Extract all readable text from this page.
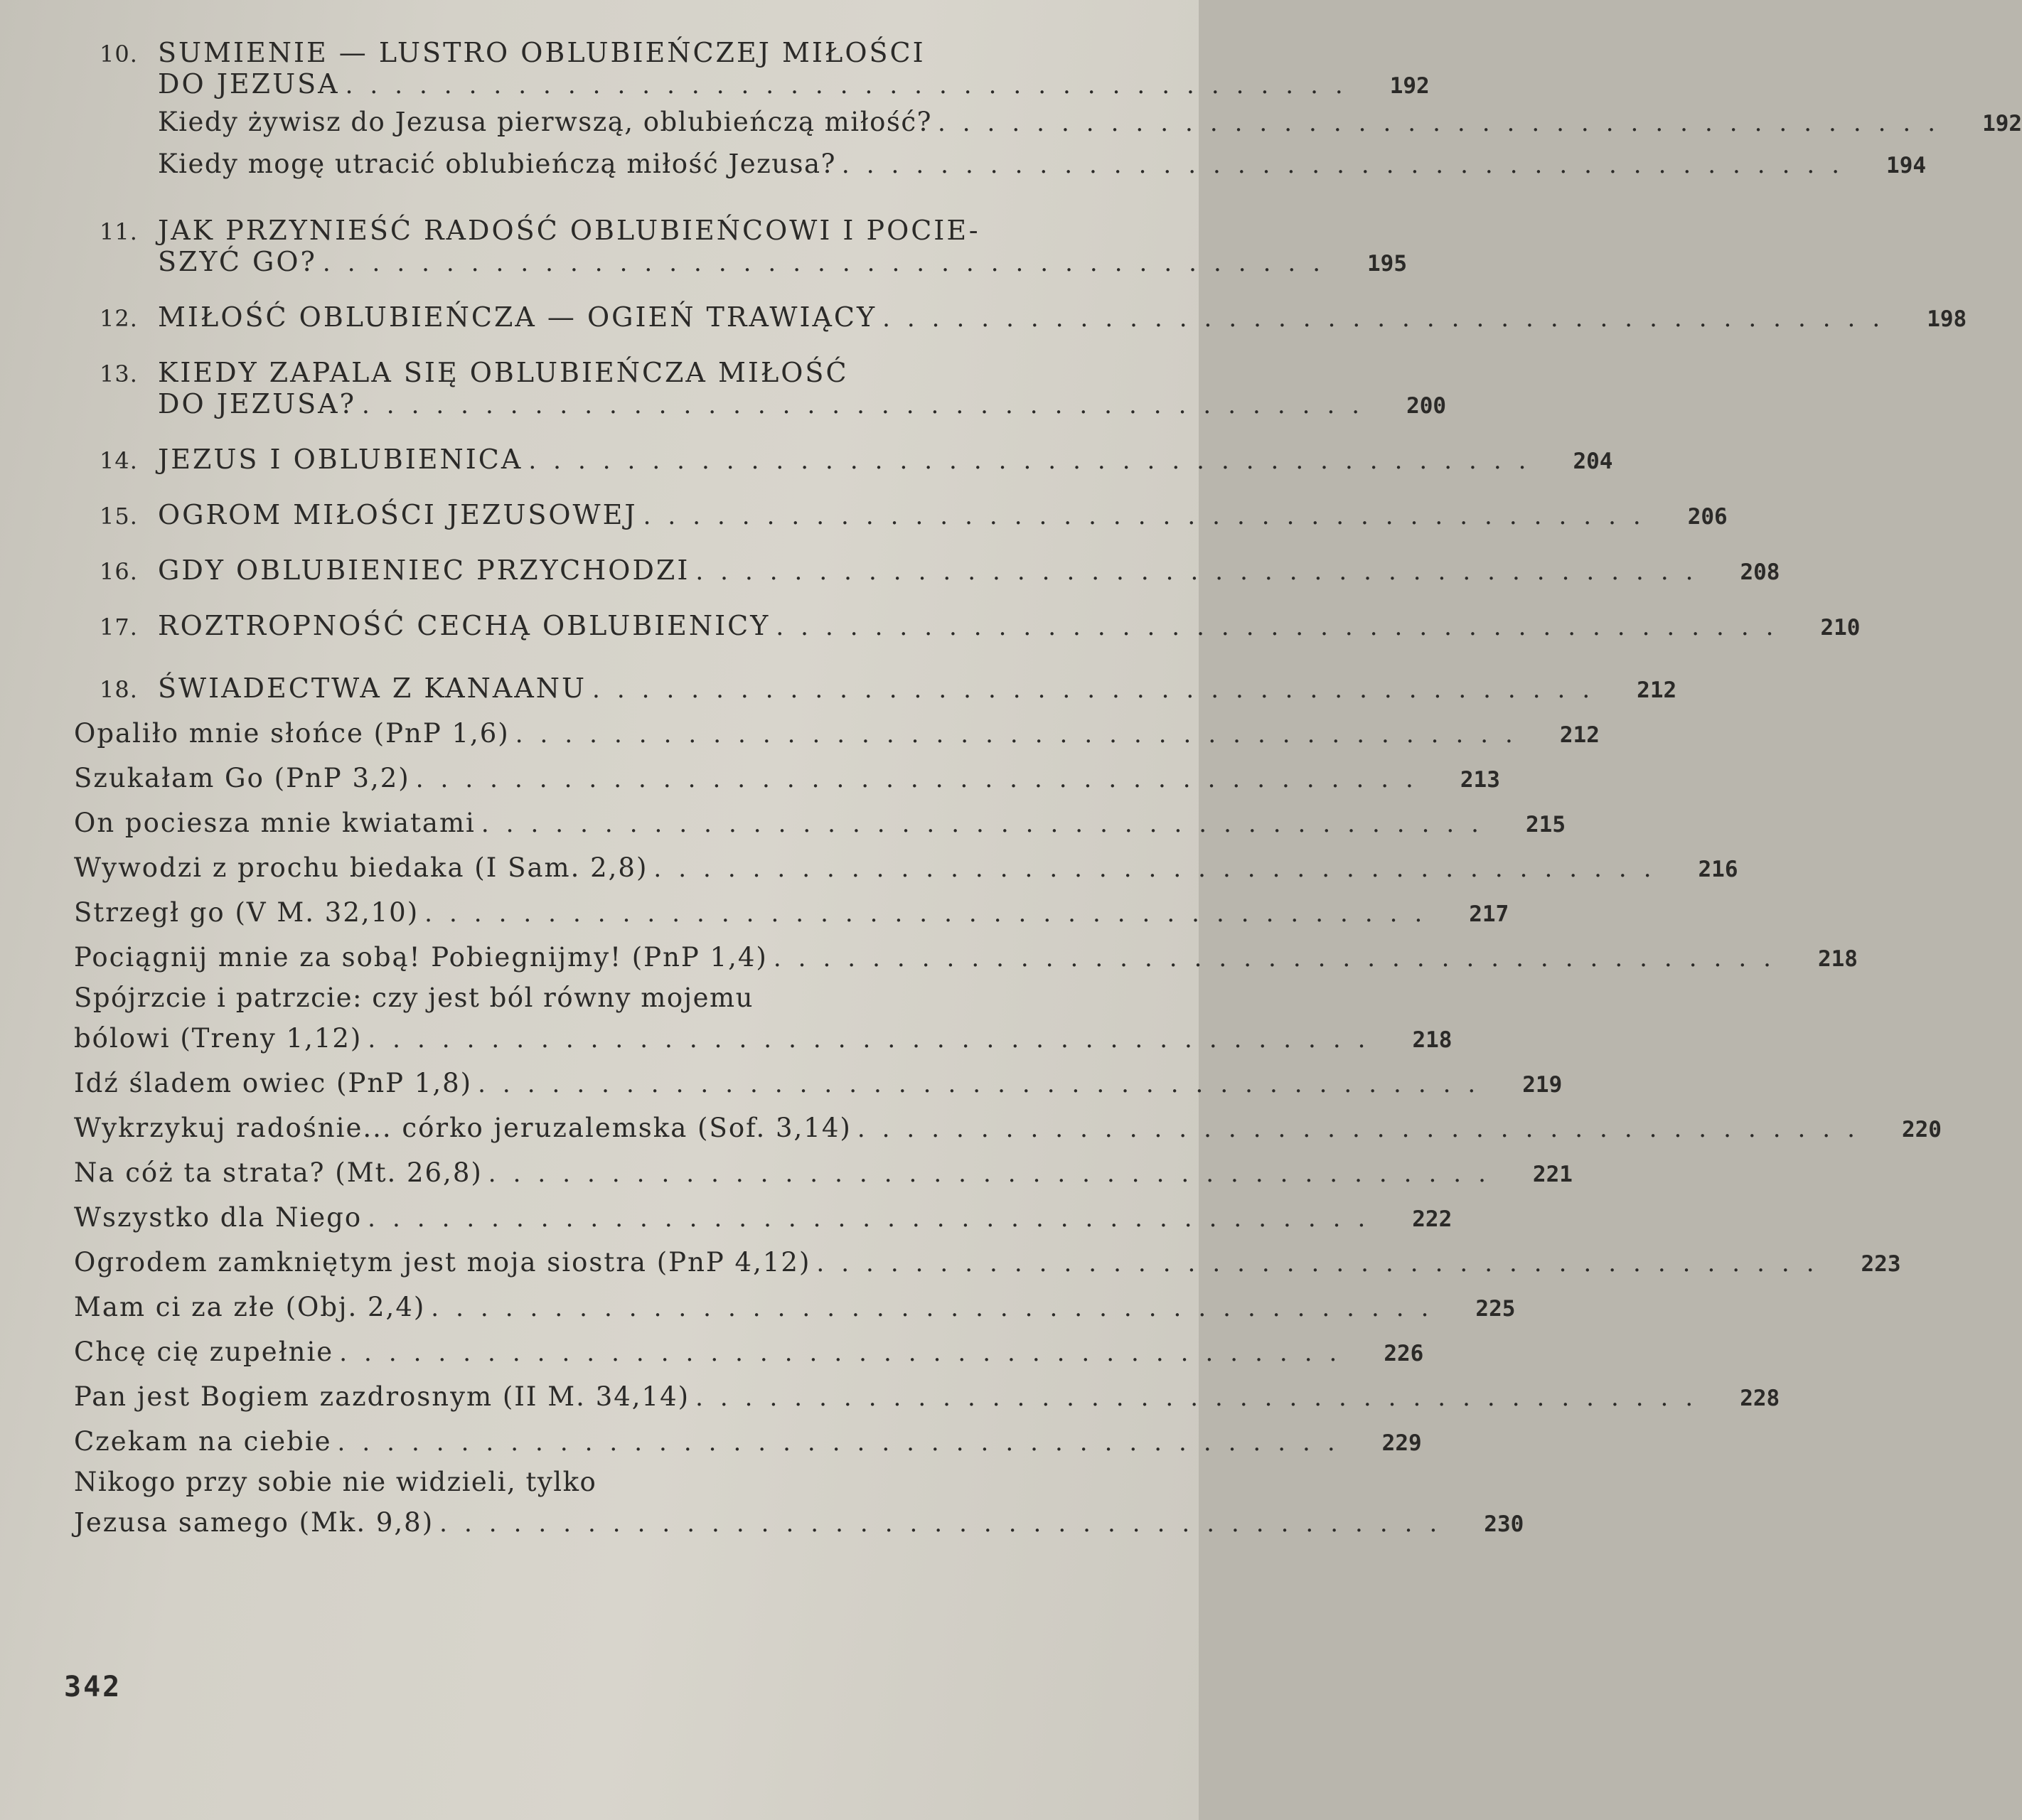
10. SUMIENIE — LUSTRO OBLUBIEŃCZEJ MIŁOŚCI
DO JEZUSA .........................................	192
Kiedy żywisz do Jezusa pierwszą, oblubieńczą miłość? .........................................	192
Kiedy mogę utracić oblubieńczą miłość Jezusa? .........................................	194
11. JAK PRZYNIEŚĆ RADOŚĆ OBLUBIEŃCOWI I POCIE-
SZYĆ GO? .........................................	195
12. MIŁOŚĆ OBLUBIEŃCZA — OGIEŃ TRAWIĄCY .........................................	198
13. KIEDY ZAPALA SIĘ OBLUBIEŃCZA MIŁOŚĆ
DO JEZUSA? .........................................	200
14. JEZUS I OBLUBIENICA .........................................	204
15. OGROM MIŁOŚCI JEZUSOWEJ .........................................	206
16. GDY OBLUBIENIEC PRZYCHODZI .........................................	208
17. ROZTROPNOŚĆ CECHĄ OBLUBIENICY .........................................	210
18. ŚWIADECTWA Z KANAANU .........................................	212
Opaliło mnie słońce (PnP 1,6) .........................................	212
Szukałam Go (PnP 3,2) .........................................	213
On pociesza mnie kwiatami .........................................	215
Wywodzi z prochu biedaka (I Sam. 2,8) .........................................	216
Strzegł go (V M. 32,10) .........................................	217
Pociągnij mnie za sobą! Pobiegnijmy! (PnP 1,4) .........................................	218
Spójrzcie i patrzcie: czy jest ból równy mojemu
bólowi (Treny 1,12) .........................................	218
Idź śladem owiec (PnP 1,8) .........................................	219
Wykrzykuj radośnie... córko jeruzalemska (Sof. 3,14) .........................................	220
Na cóż ta strata? (Mt. 26,8) .........................................	221
Wszystko dla Niego .........................................	222
Ogrodem zamkniętym jest moja siostra (PnP 4,12) .........................................	223
Mam ci za złe (Obj. 2,4) .........................................	225
Chcę cię zupełnie .........................................	226
Pan jest Bogiem zazdrosnym (II M. 34,14) .........................................	228
Czekam na ciebie .........................................	229
Nikogo przy sobie nie widzieli, tylko
Jezusa samego (Mk. 9,8) .........................................	230
342
